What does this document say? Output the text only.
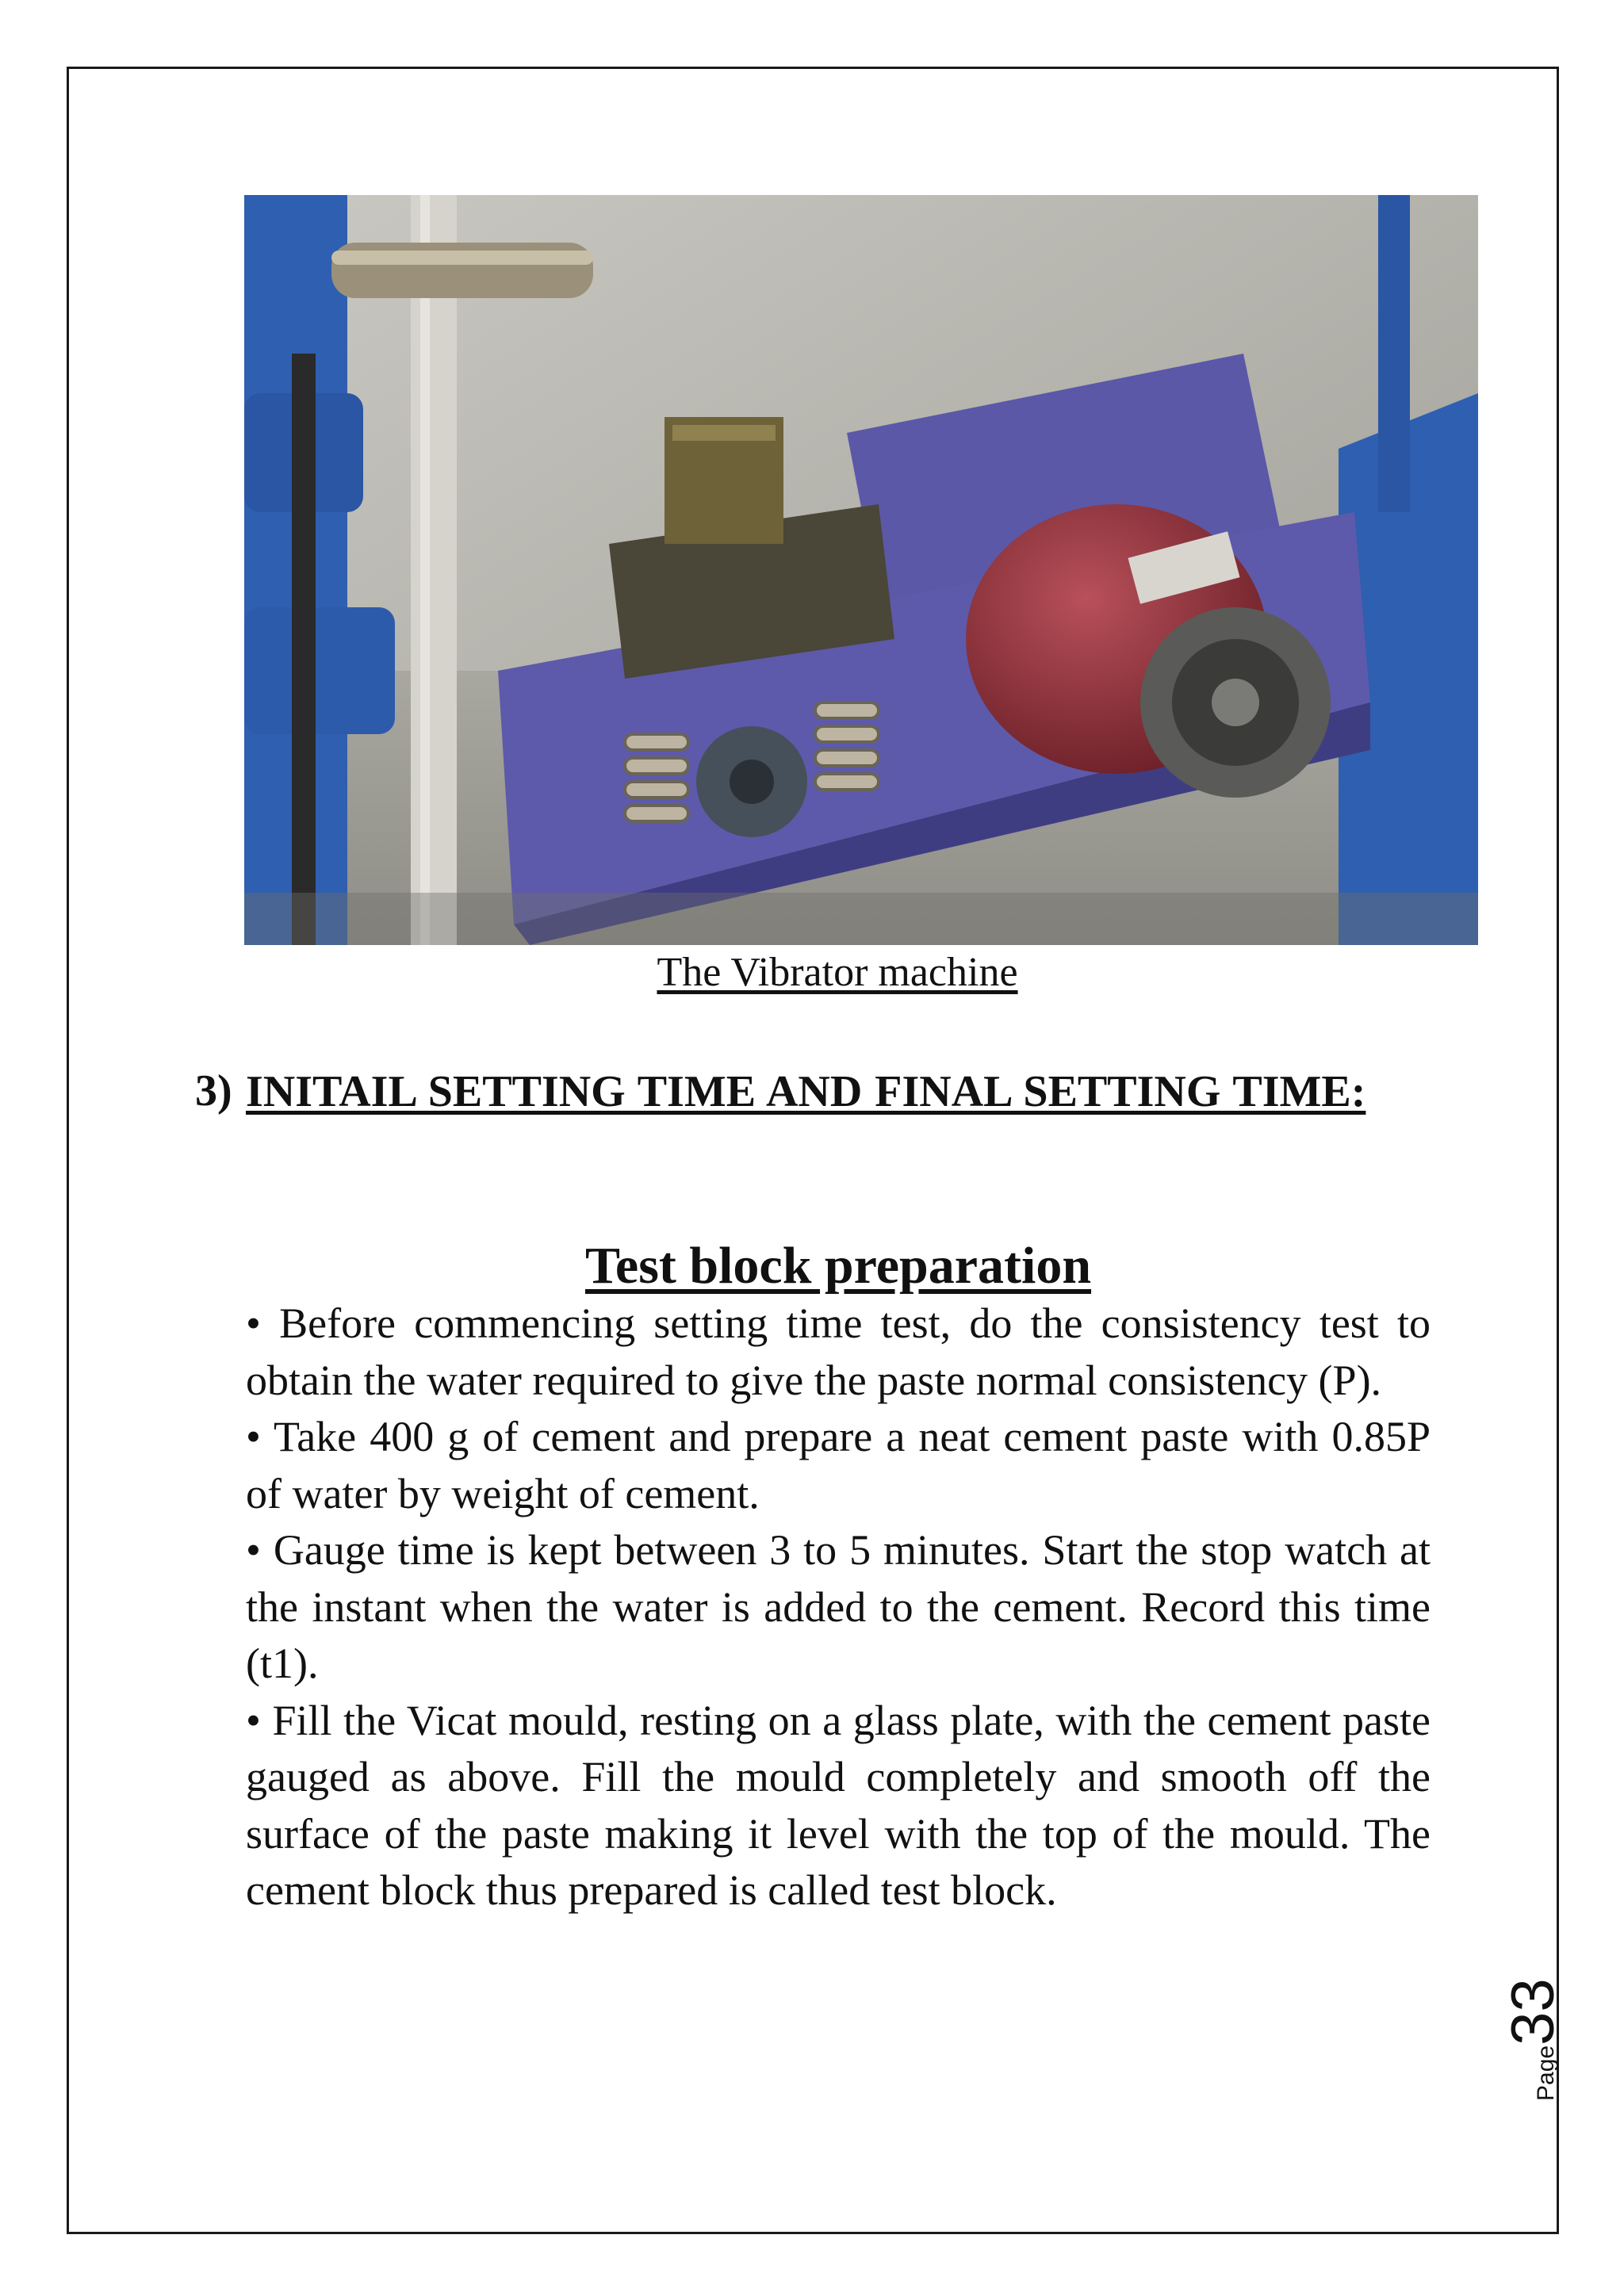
The Vibrator machine
3) INITAIL SETTING TIME AND FINAL SETTING TIME:
Test block preparation

• Before commencing setting time test, do the consistency test to obtain the water required to give the paste normal consistency (P).

• Take 400 g of cement and prepare a neat cement paste with 0.85P of water by weight of cement.

• Gauge time is kept between 3 to 5 minutes. Start the stop watch at the instant when the water is added to the cement. Record this time (t1).

• Fill the Vicat mould, resting on a glass plate, with the cement paste gauged as above. Fill the mould completely and smooth off the surface of the paste making it level with the top of the mould. The cement block thus prepared is called test block.

Page33
